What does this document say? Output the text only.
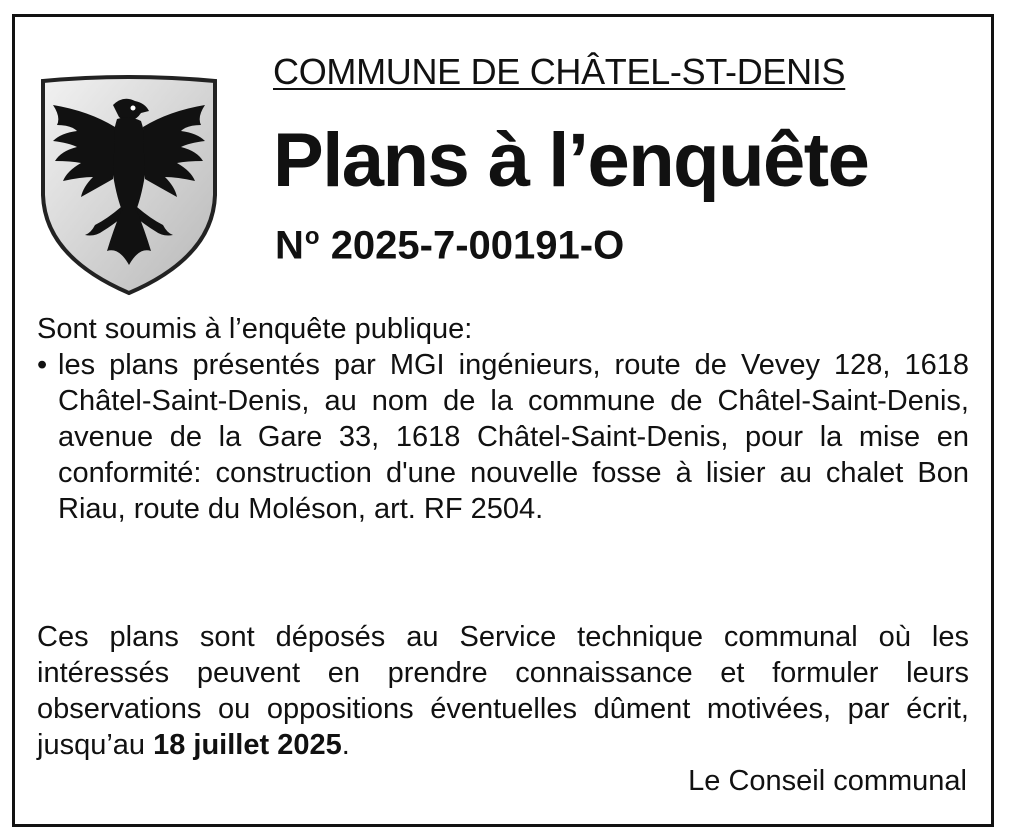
COMMUNE DE CHÂTEL-ST-DENIS
Plans à l’enquête
$N^o$ 2025-7-00191-O
Sont soumis à l’enquête publique:
• les plans présentés par MGI ingénieurs, route de Vevey 128, 1618 Châtel-Saint-Denis, au nom de la commune de Châtel-Saint-Denis, avenue de la Gare 33, 1618 Châtel-Saint-Denis, pour la mise en conformité: construction d'une nouvelle fosse à lisier au chalet Bon Riau, route du Moléson, art. RF 2504.
Ces plans sont déposés au Service technique communal où les intéressés peuvent en prendre connaissance et formuler leurs observations ou oppositions éventuelles dûment motivées, par écrit, jusqu’au 18 juillet 2025.
Le Conseil communal
